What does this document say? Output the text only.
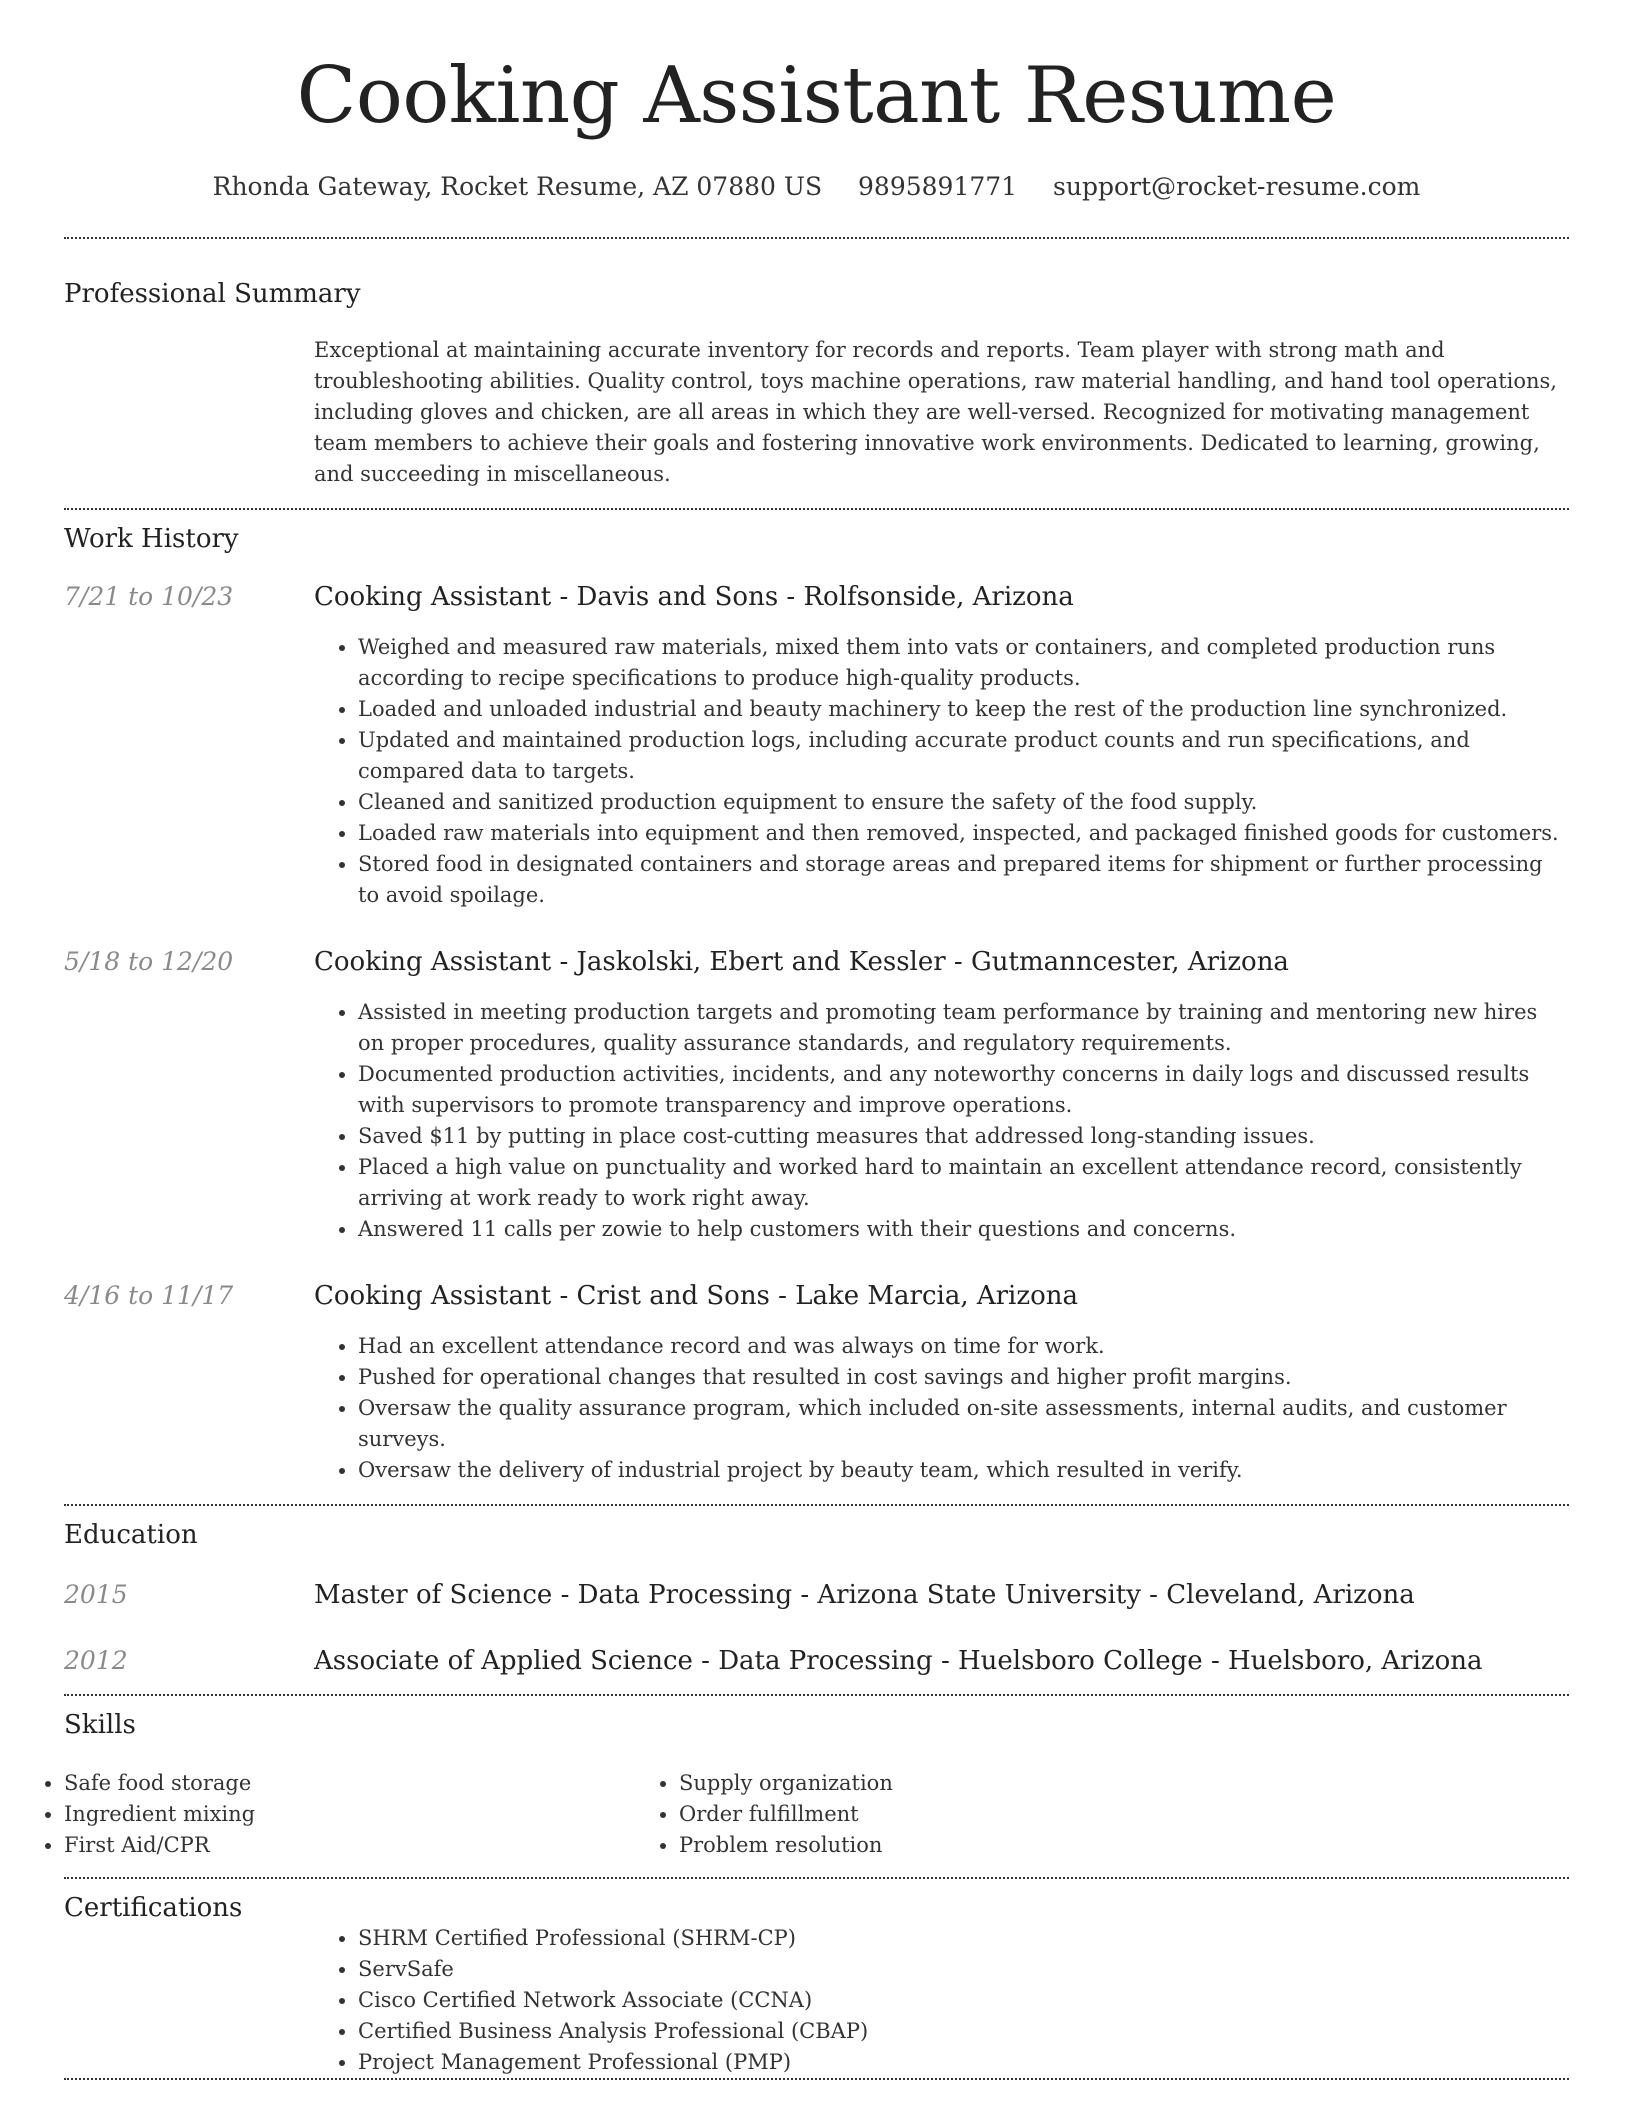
Cooking Assistant Resume
Rhonda Gateway, Rocket Resume, AZ 07880 US 9895891771 support@rocket-resume.com
Professional Summary
Exceptional at maintaining accurate inventory for records and reports. Team player with strong math and troubleshooting abilities. Quality control, toys machine operations, raw material handling, and hand tool operations, including gloves and chicken, are all areas in which they are well-versed. Recognized for motivating management team members to achieve their goals and fostering innovative work environments. Dedicated to learning, growing, and succeeding in miscellaneous.
Work History
7/21 to 10/23	Cooking Assistant - Davis and Sons - Rolfsonside, Arizona
• Weighed and measured raw materials, mixed them into vats or containers, and completed production runs according to recipe specifications to produce high-quality products.
• Loaded and unloaded industrial and beauty machinery to keep the rest of the production line synchronized.
• Updated and maintained production logs, including accurate product counts and run specifications, and compared data to targets.
• Cleaned and sanitized production equipment to ensure the safety of the food supply.
• Loaded raw materials into equipment and then removed, inspected, and packaged finished goods for customers.
• Stored food in designated containers and storage areas and prepared items for shipment or further processing to avoid spoilage.
5/18 to 12/20	Cooking Assistant - Jaskolski, Ebert and Kessler - Gutmanncester, Arizona
• Assisted in meeting production targets and promoting team performance by training and mentoring new hires on proper procedures, quality assurance standards, and regulatory requirements.
• Documented production activities, incidents, and any noteworthy concerns in daily logs and discussed results with supervisors to promote transparency and improve operations.
• Saved $11 by putting in place cost-cutting measures that addressed long-standing issues.
• Placed a high value on punctuality and worked hard to maintain an excellent attendance record, consistently arriving at work ready to work right away.
• Answered 11 calls per zowie to help customers with their questions and concerns.
4/16 to 11/17	Cooking Assistant - Crist and Sons - Lake Marcia, Arizona
• Had an excellent attendance record and was always on time for work.
• Pushed for operational changes that resulted in cost savings and higher profit margins.
• Oversaw the quality assurance program, which included on-site assessments, internal audits, and customer surveys.
• Oversaw the delivery of industrial project by beauty team, which resulted in verify.
Education
2015	Master of Science - Data Processing - Arizona State University - Cleveland, Arizona
2012	Associate of Applied Science - Data Processing - Huelsboro College - Huelsboro, Arizona
Skills
• Safe food storage
• Ingredient mixing
• First Aid/CPR
• Supply organization
• Order fulfillment
• Problem resolution
Certifications
• SHRM Certified Professional (SHRM-CP)
• ServSafe
• Cisco Certified Network Associate (CCNA)
• Certified Business Analysis Professional (CBAP)
• Project Management Professional (PMP)
